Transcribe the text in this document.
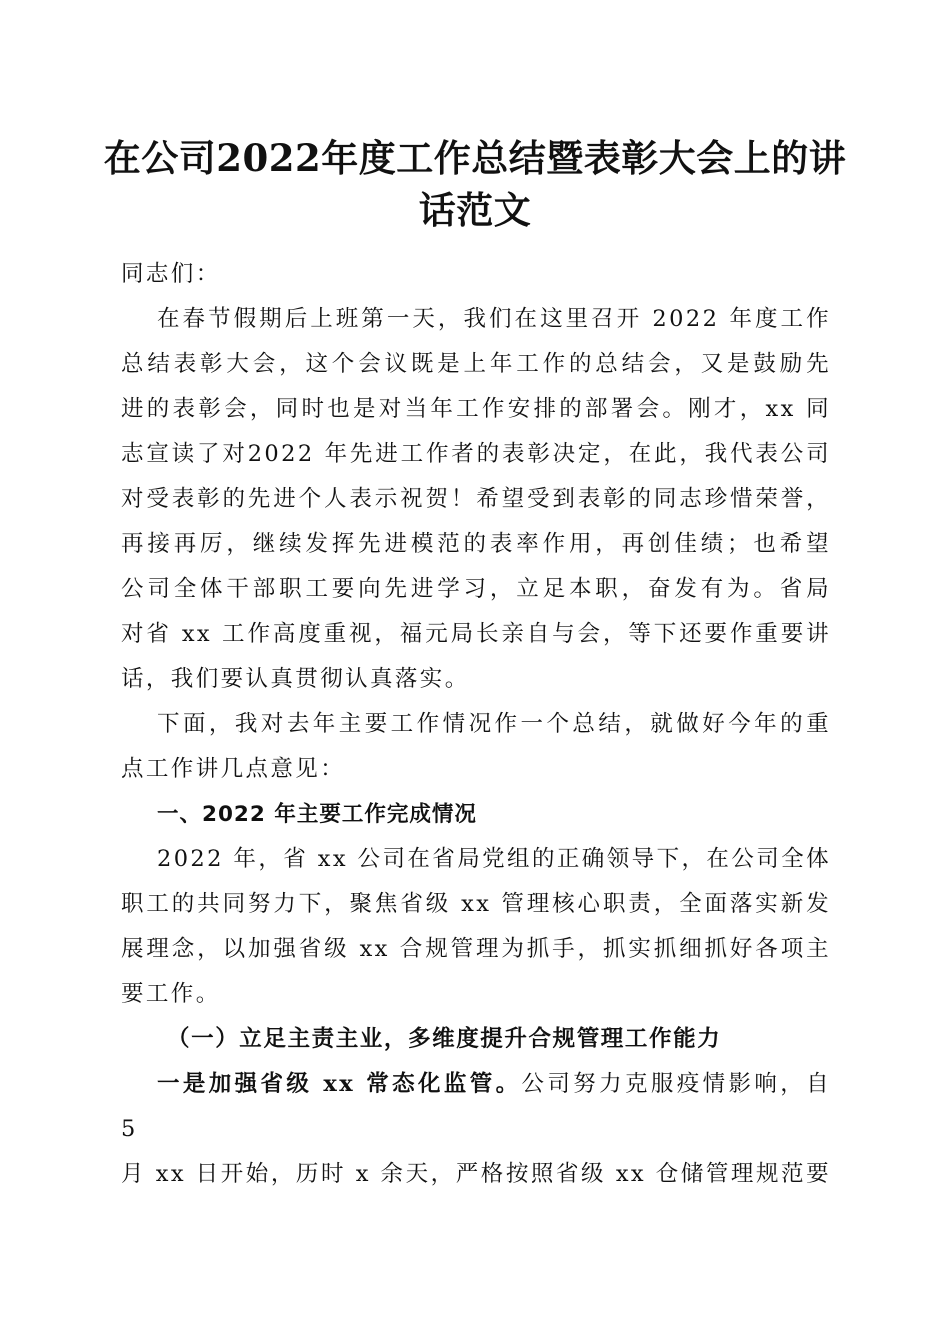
在公司2022年度工作总结暨表彰大会上的讲
话范文

同志们：

在春节假期后上班第一天，我们在这里召开 2022 年度工作

总结表彰大会，这个会议既是上年工作的总结会，又是鼓励先

进的表彰会，同时也是对当年工作安排的部署会。刚才，xx 同

志宣读了对2022 年先进工作者的表彰决定，在此，我代表公司

对受表彰的先进个人表示祝贺！希望受到表彰的同志珍惜荣誉，

再接再厉，继续发挥先进模范的表率作用，再创佳绩；也希望

公司全体干部职工要向先进学习，立足本职，奋发有为。省局

对省 xx 工作高度重视，福元局长亲自与会，等下还要作重要讲

话，我们要认真贯彻认真落实。

下面，我对去年主要工作情况作一个总结，就做好今年的重

点工作讲几点意见：

一、2022 年主要工作完成情况

2022 年，省 xx 公司在省局党组的正确领导下，在公司全体

职工的共同努力下，聚焦省级 xx 管理核心职责，全面落实新发

展理念，以加强省级 xx 合规管理为抓手，抓实抓细抓好各项主

要工作。

（一）立足主责主业，多维度提升合规管理工作能力

一是加强省级 xx 常态化监管。公司努力克服疫情影响，自 5

月 xx 日开始，历时 x 余天，严格按照省级 xx 仓储管理规范要
